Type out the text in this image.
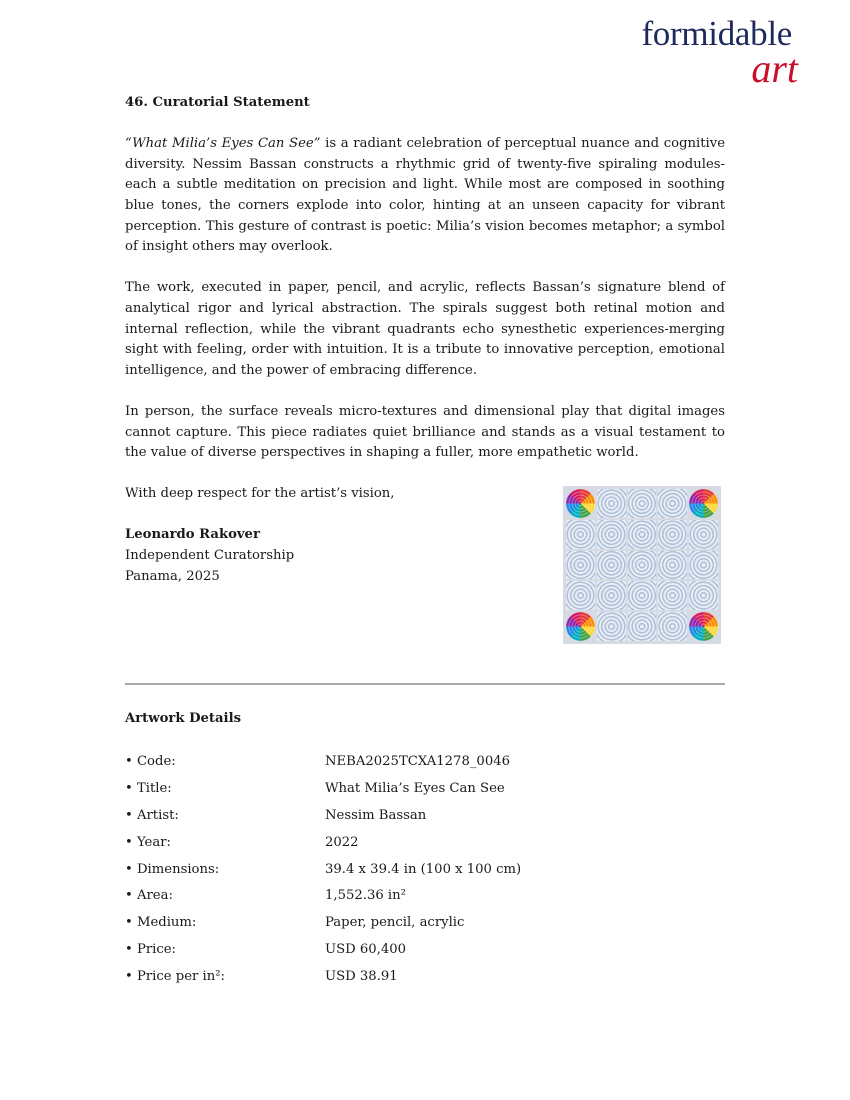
formidable
art

46. Curatorial Statement

“What Milia’s Eyes Can See” is a radiant celebration of perceptual nuance and cognitive diversity. Nessim Bassan constructs a rhythmic grid of twenty-five spiraling modules-each a subtle meditation on precision and light. While most are composed in soothing blue tones, the corners explode into color, hinting at an unseen capacity for vibrant perception. This gesture of contrast is poetic: Milia’s vision becomes metaphor; a symbol of insight others may overlook.

The work, executed in paper, pencil, and acrylic, reflects Bassan’s signature blend of analytical rigor and lyrical abstraction. The spirals suggest both retinal motion and internal reflection, while the vibrant quadrants echo synesthetic experiences-merging sight with feeling, order with intuition. It is a tribute to innovative perception, emotional intelligence, and the power of embracing difference.

In person, the surface reveals micro-textures and dimensional play that digital images cannot capture. This piece radiates quiet brilliance and stands as a visual testament to the value of diverse perspectives in shaping a fuller, more empathetic world.

With deep respect for the artist’s vision,

Leonardo Rakover

Independent Curatorship

Panama, 2025

Artwork Details
• Code:	NEBA2025TCXA1278_0046
• Title:	What Milia’s Eyes Can See
• Artist:	Nessim Bassan
• Year:	2022
• Dimensions:	39.4 x 39.4 in (100 x 100 cm)
• Area:	1,552.36 in²
• Medium:	Paper, pencil, acrylic
• Price:	USD 60,400
• Price per in²:	USD 38.91
